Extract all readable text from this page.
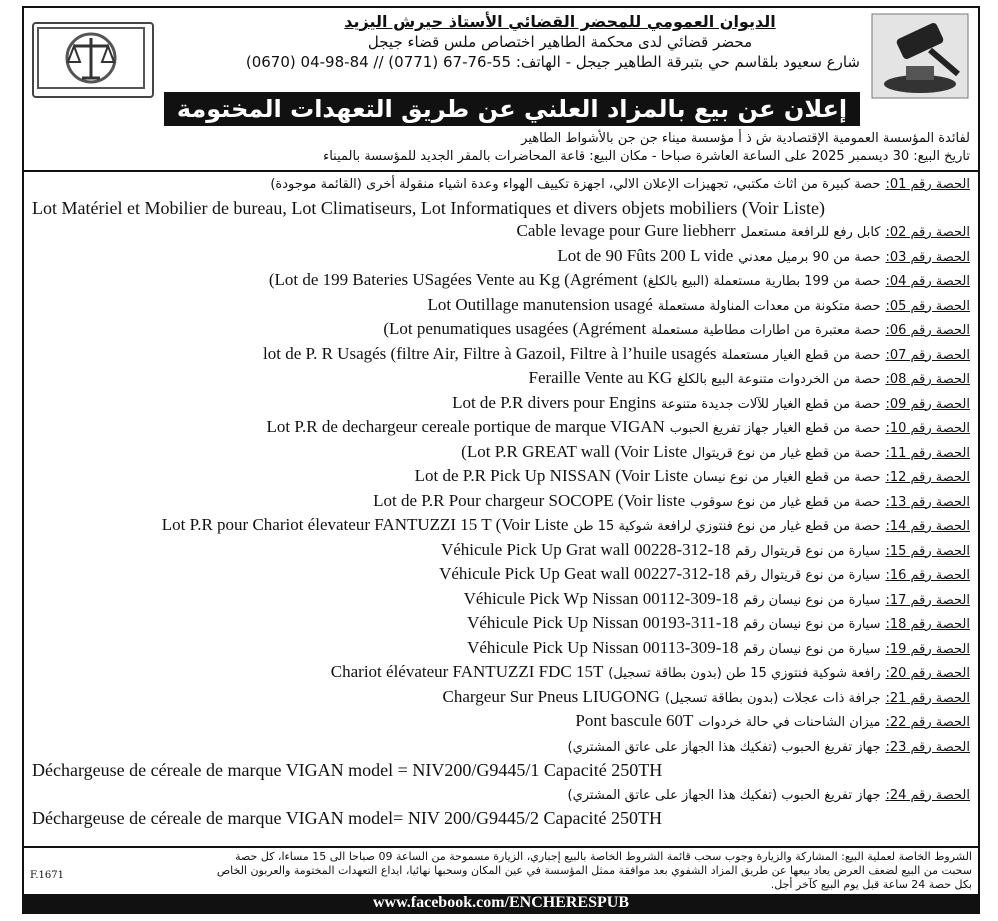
الديوان العمومي للمحضر القضائي الأستاذ حيرش اليزيد
محضر قضائي لدى محكمة الطاهير اختصاص ملس قضاء جيجل
شارع سعيود بلقاسم حي بتبرقة الطاهير جيجل - الهاتف: 55-76-67 (0771) // 84-98-04 (0670)
إعلان عن بيع بالمزاد العلني عن طريق التعهدات المختومة فقط
لفائدة المؤسسة العمومية الإقتصادية ش ذ أ مؤسسة ميناء جن جن بالأشواط الطاهير
تاريخ البيع: 30 ديسمبر 2025 على الساعة العاشرة صباحا - مكان البيع: قاعة المحاضرات بالمقر الجديد للمؤسسة بالميناء
الحصة رقم 01: حصة كبيرة من اثاث مكتبي، تجهيزات الإعلان الالي، اجهزة تكييف الهواء وعدة اشياء منقولة أخرى (القائمة موجودة)
Lot Matériel et Mobilier de bureau, Lot Climatiseurs, Lot Informatiques et divers objets mobiliers (Voir Liste)
الحصة رقم 02: كابل رفع للرافعة مستعمل Cable levage pour Gure liebherr
الحصة رقم 03: حصة من 90 برميل معدني Lot de 90 Fûts 200 L vide
الحصة رقم 04: حصة من 199 بطارية مستعملة (البيع بالكلغ) (Lot de 199 Bateries USagées Vente au Kg (Agrément
الحصة رقم 05: حصة متكونة من معدات المناولة مستعملة Lot Outillage manutension usagé
الحصة رقم 06: حصة معتبرة من اطارات مطاطية مستعملة (Lot penumatiques usagées (Agrément
الحصة رقم 07: حصة من قطع الغيار مستعملة lot de P. R Usagés (filtre Air, Filtre à Gazoil, Filtre à l’huile usagés
الحصة رقم 08: حصة من الخردوات متنوعة البيع بالكلغ Feraille Vente au KG
الحصة رقم 09: حصة من قطع الغيار للآلات جديدة متنوعة Lot de P.R divers pour Engins
الحصة رقم 10: حصة من قطع الغيار جهاز تفريغ الحبوب Lot P.R de dechargeur cereale portique de marque VIGAN
الحصة رقم 11: حصة من قطع غيار من نوع قريتوال (Lot P.R GREAT wall (Voir Liste
الحصة رقم 12: حصة من قطع الغيار من نوع نيسان Lot de P.R Pick Up NISSAN (Voir Liste
الحصة رقم 13: حصة من قطع غيار من نوع سوقوب Lot de P.R Pour chargeur SOCOPE (Voir liste
الحصة رقم 14: حصة من قطع غيار من نوع فنتوزي لرافعة شوكية 15 طن Lot P.R pour Chariot élevateur FANTUZZI 15 T (Voir Liste
الحصة رقم 15: سيارة من نوع قريتوال رقم Véhicule Pick Up Grat wall 00228-312-18
الحصة رقم 16: سيارة من نوع قريتوال رقم Véhicule Pick Up Geat wall 00227-312-18
الحصة رقم 17: سيارة من نوع نيسان رقم Véhicule Pick Wp Nissan 00112-309-18
الحصة رقم 18: سيارة من نوع نيسان رقم Véhicule Pick Up Nissan 00193-311-18
الحصة رقم 19: سيارة من نوع نيسان رقم Véhicule Pick Up Nissan 00113-309-18
الحصة رقم 20: رافعة شوكية فنتوزي 15 طن (بدون بطاقة تسجيل) Chariot élévateur FANTUZZI FDC 15T
الحصة رقم 21: جرافة ذات عجلات (بدون بطاقة تسجيل) Chargeur Sur Pneus LIUGONG
الحصة رقم 22: ميزان الشاحنات في حالة خردوات Pont bascule 60T
الحصة رقم 23: جهاز تفريغ الحبوب (تفكيك هذا الجهاز على عاتق المشتري)
Déchargeuse de céreale de marque VIGAN model = NIV200/G9445/1 Capacité 250TH
الحصة رقم 24: جهاز تفريغ الحبوب (تفكيك هذا الجهاز على عاتق المشتري)
Déchargeuse de céreale de marque VIGAN model= NIV 200/G9445/2 Capacité 250TH
الشروط الخاصة لعملية البيع: المشاركة والزيارة وجوب سحب قائمة الشروط الخاصة بالبيع إجباري، الزيارة مسموحة من الساعة 09 صباحا الى 15 مساءا، كل حصة
سحبت من البيع لضعف العرض يعاد بيعها عن طريق المزاد الشفوي بعد موافقة ممثل المؤسسة في عين المكان وسحبها نهائيا، ايداع التعهدات المختومة والعربون الخاص
بكل حصة 24 ساعة قبل يوم البيع كآخر أجل.
F.1671
www.facebook.com/ENCHERESPUB
